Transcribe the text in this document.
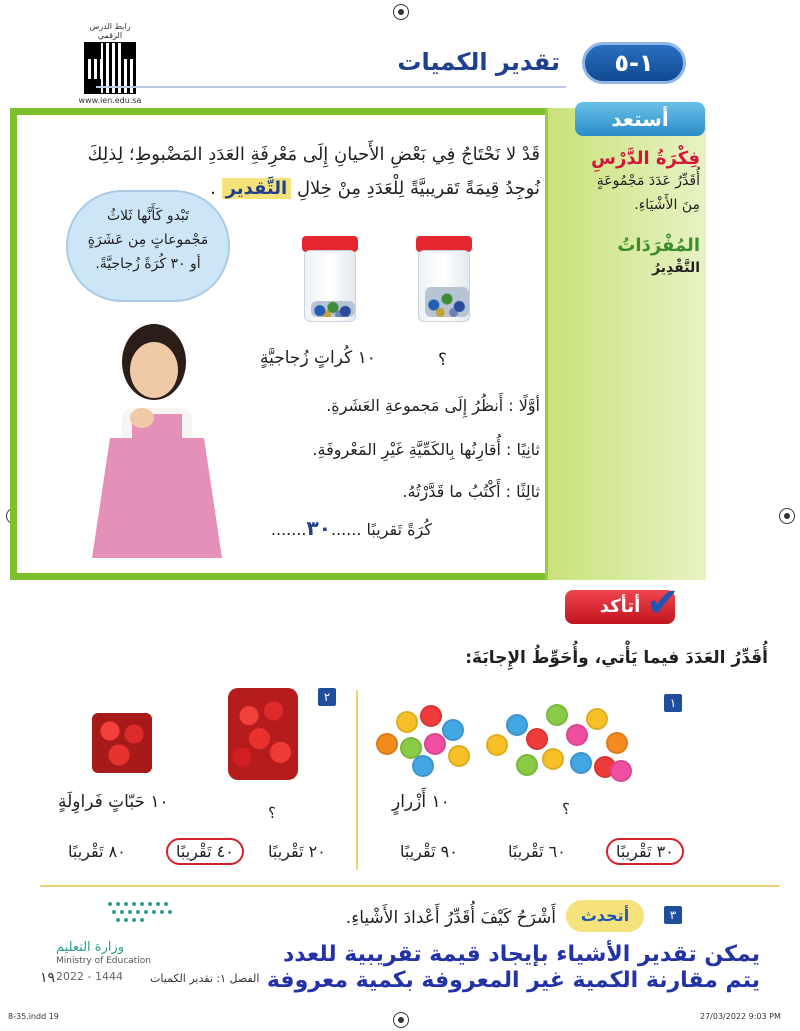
رابط الدرس الرقمي
www.ien.edu.sa
١-٥
تقدير الكميات
أستعد
فِكْرَةُ الدَّرْسِ
أُقَدِّرُ عَدَدَ مَجْمُوعَةٍ
مِنَ الأَشْيَاءِ.
المُفْرَدَاتُ
التَّقْدِيرُ
قَدْ لا نَحْتَاجُ فِي بَعْضِ الأَحيانِ إِلَى مَعْرِفَةِ العَدَدِ المَضْبوطِ؛ لِذلِكَ
نُوجِدُ قِيمَةً تَقريبيَّةً لِلْعَدَدِ مِنْ خِلالِ التَّقدير .
تَبْدو كَأَنَّها ثَلاثُ
مَجْموعاتٍ مِن عَشَرَةٍ
أو ٣٠ كُرَةً زُجاجيَّةً.
١٠ كُراتٍ زُجاجيَّةٍ	؟
أوَّلًا : أَنظُرُ إِلَى مَجموعةِ العَشَرةِ.
ثانِيًا : أُقارِنُها بِالكَمِّيَّةِ غَيْرِ المَعْروفَةِ.
ثالِثًا : أَكْتُبُ ما قَدَّرْتُهُ.
كُرَةً تَقريبًا ......٣٠.......
أتأكد ✔
أُقَدِّرُ العَدَدَ فيما يَأْتي، وأُحَوِّطُ الإِجابَةَ:
١
؟
١٠ أَزْرارٍ
٣٠ تَقْريبًا
٦٠ تَقْريبًا
٩٠ تَقْريبًا
٢
؟
١٠ حَبّاتٍ فَراوِلَةٍ
٢٠ تَقْريبًا
٤٠ تَقْريبًا
٨٠ تَقْريبًا
٣
أتحدث
أَشْرَحُ كَيْفَ أُقَدِّرُ أَعْدادَ الأَشْياءِ.
يمكن تقدير الأشياء بإيجاد قيمة تقريبية للعدد
يتم مقارنة الكمية غير المعروفة بكمية معروفة
وزارة التعليم
Ministry of Education
2022 - 1444
١٩	الفصل ١: تقدير الكميات
8-35.indd 19	27/03/2022 9:03 PM
